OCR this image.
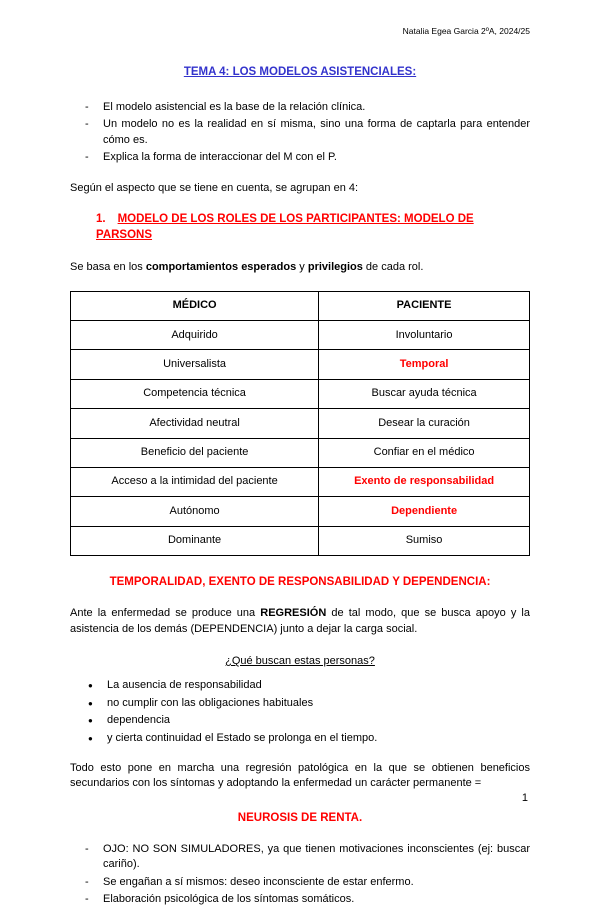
Natalia Egea Garcia 2ºA, 2024/25
TEMA 4: LOS MODELOS ASISTENCIALES:
-	El modelo asistencial es la base de la relación clínica.
-	Un modelo no es la realidad en sí misma, sino una forma de captarla para entender cómo es.
-	Explica la forma de interaccionar del M con el P.

Según el aspecto que se tiene en cuenta, se agrupan en 4:

1. MODELO DE LOS ROLES DE LOS PARTICIPANTES: MODELO DE PARSONS

Se basa en los comportamientos esperados y privilegios de cada rol.

MÉDICO	PACIENTE
Adquirido	Involuntario
Universalista	Temporal
Competencia técnica	Buscar ayuda técnica
Afectividad neutral	Desear la curación
Beneficio del paciente	Confiar en el médico
Acceso a la intimidad del paciente	Exento de responsabilidad
Autónomo	Dependiente
Dominante	Sumiso
TEMPORALIDAD, EXENTO DE RESPONSABILIDAD Y DEPENDENCIA:

Ante la enfermedad se produce una REGRESIÓN de tal modo, que se busca apoyo y la asistencia de los demás (DEPENDENCIA) junto a dejar la carga social.

¿Qué buscan estas personas?
●	La ausencia de responsabilidad
●	no cumplir con las obligaciones habituales
●	dependencia
●	y cierta continuidad el Estado se prolonga en el tiempo.

Todo esto pone en marcha una regresión patológica en la que se obtienen beneficios secundarios con los síntomas y adoptando la enfermedad un carácter permanente =

NEUROSIS DE RENTA.
-	OJO: NO SON SIMULADORES, ya que tienen motivaciones inconscientes (ej: buscar cariño).
-	Se engañan a sí mismos: deseo inconsciente de estar enfermo.
-	Elaboración psicológica de los síntomas somáticos.
1
